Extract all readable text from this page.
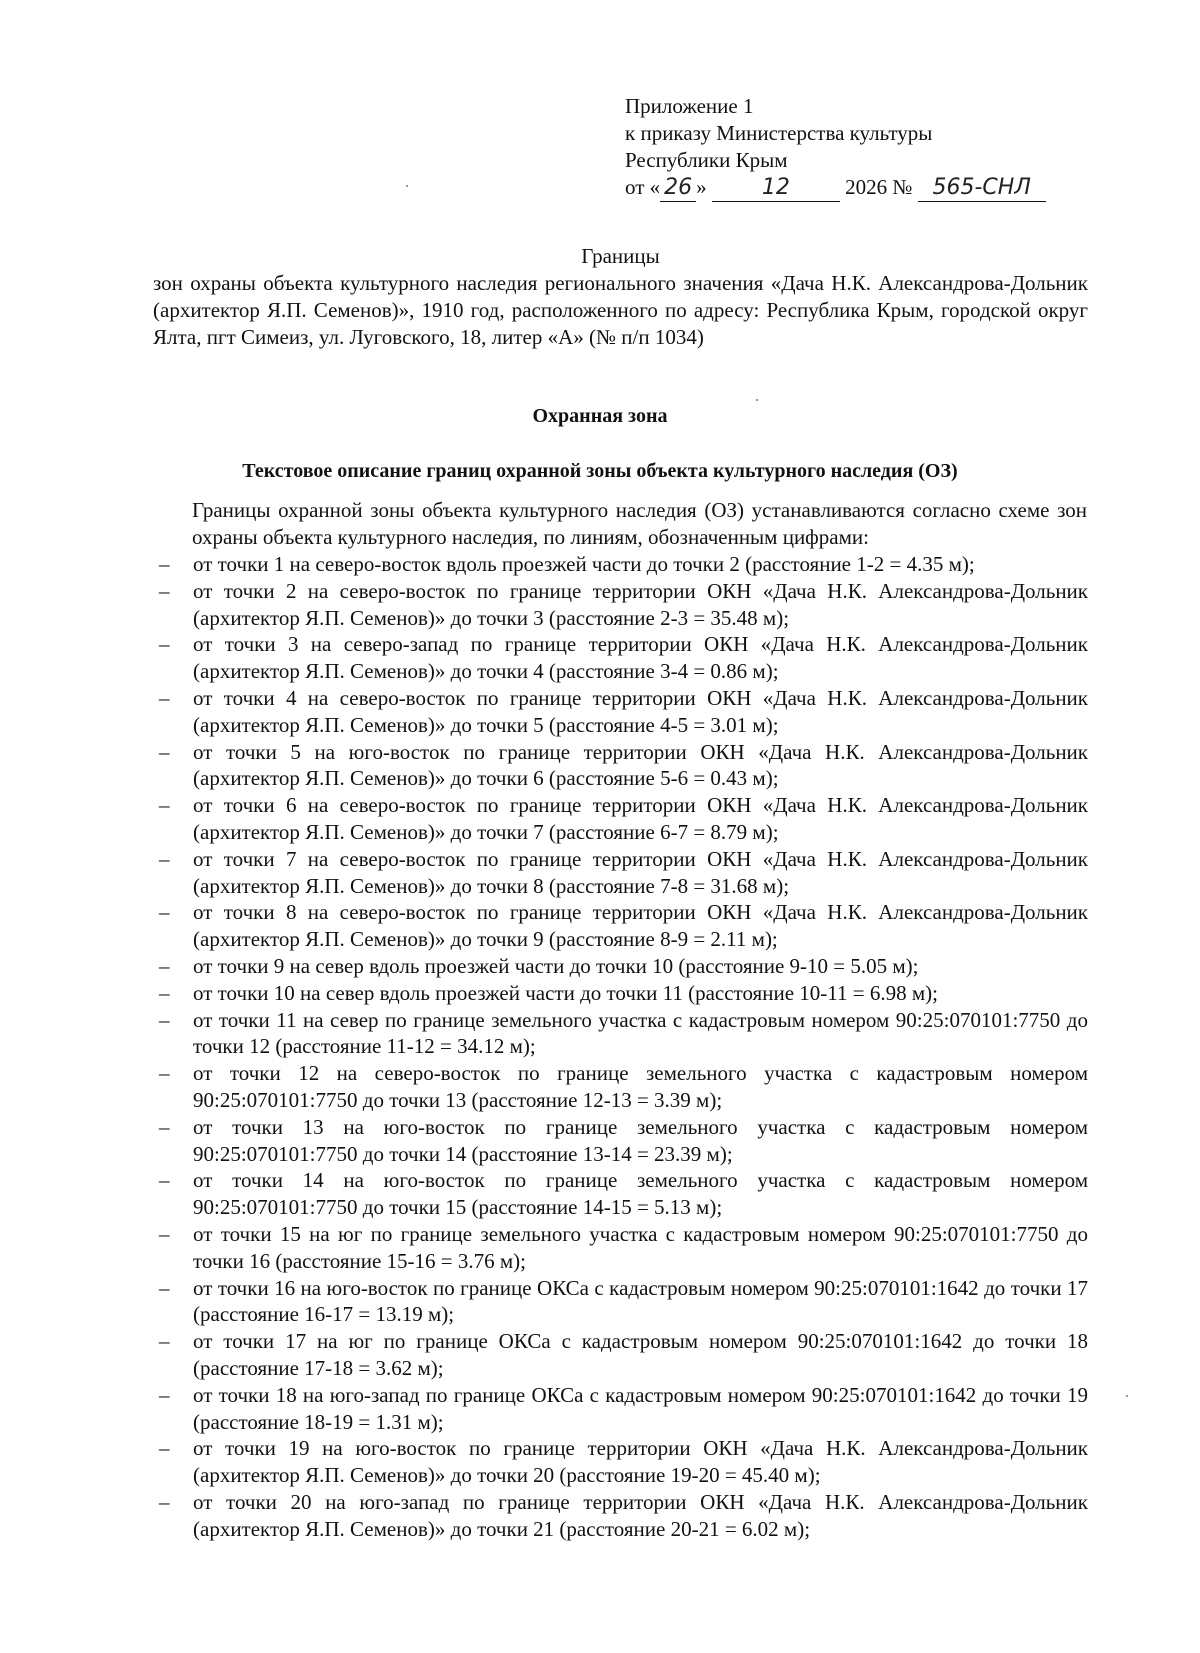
Приложение 1
к приказу Министерства культуры
Республики Крым
от « 26 »	12	2026 № 565-СНЛ
Границы
зон охраны объекта культурного наследия регионального значения «Дача Н.К. Александрова-Дольник (архитектор Я.П. Семенов)», 1910 год, расположенного по адресу: Республика Крым, городской округ Ялта, пгт Симеиз, ул. Луговского, 18, литер «А» (№ п/п 1034)
Охранная зона
Текстовое описание границ охранной зоны объекта культурного наследия (ОЗ)
Границы охранной зоны объекта культурного наследия (ОЗ) устанавливаются согласно схеме зон охраны объекта культурного наследия, по линиям, обозначенным цифрами:
– от точки 1 на северо-восток вдоль проезжей части до точки 2 (расстояние 1-2 = 4.35 м);
– от точки 2 на северо-восток по границе территории ОКН «Дача Н.К. Александрова-Дольник (архитектор Я.П. Семенов)» до точки 3 (расстояние 2-3 = 35.48 м);
– от точки 3 на северо-запад по границе территории ОКН «Дача Н.К. Александрова-Дольник (архитектор Я.П. Семенов)» до точки 4 (расстояние 3-4 = 0.86 м);
– от точки 4 на северо-восток по границе территории ОКН «Дача Н.К. Александрова-Дольник (архитектор Я.П. Семенов)» до точки 5 (расстояние 4-5 = 3.01 м);
– от точки 5 на юго-восток по границе территории ОКН «Дача Н.К. Александрова-Дольник (архитектор Я.П. Семенов)» до точки 6 (расстояние 5-6 = 0.43 м);
– от точки 6 на северо-восток по границе территории ОКН «Дача Н.К. Александрова-Дольник (архитектор Я.П. Семенов)» до точки 7 (расстояние 6-7 = 8.79 м);
– от точки 7 на северо-восток по границе территории ОКН «Дача Н.К. Александрова-Дольник (архитектор Я.П. Семенов)» до точки 8 (расстояние 7-8 = 31.68 м);
– от точки 8 на северо-восток по границе территории ОКН «Дача Н.К. Александрова-Дольник (архитектор Я.П. Семенов)» до точки 9 (расстояние 8-9 = 2.11 м);
– от точки 9 на север вдоль проезжей части до точки 10 (расстояние 9-10 = 5.05 м);
– от точки 10 на север вдоль проезжей части до точки 11 (расстояние 10-11 = 6.98 м);
– от точки 11 на север по границе земельного участка с кадастровым номером 90:25:070101:7750 до точки 12 (расстояние 11-12 = 34.12 м);
– от точки 12 на северо-восток по границе земельного участка с кадастровым номером 90:25:070101:7750 до точки 13 (расстояние 12-13 = 3.39 м);
– от точки 13 на юго-восток по границе земельного участка с кадастровым номером 90:25:070101:7750 до точки 14 (расстояние 13-14 = 23.39 м);
– от точки 14 на юго-восток по границе земельного участка с кадастровым номером 90:25:070101:7750 до точки 15 (расстояние 14-15 = 5.13 м);
– от точки 15 на юг по границе земельного участка с кадастровым номером 90:25:070101:7750 до точки 16 (расстояние 15-16 = 3.76 м);
– от точки 16 на юго-восток по границе ОКСа с кадастровым номером 90:25:070101:1642 до точки 17 (расстояние 16-17 = 13.19 м);
– от точки 17 на юг по границе ОКСа с кадастровым номером 90:25:070101:1642 до точки 18 (расстояние 17-18 = 3.62 м);
– от точки 18 на юго-запад по границе ОКСа с кадастровым номером 90:25:070101:1642 до точки 19 (расстояние 18-19 = 1.31 м);
– от точки 19 на юго-восток по границе территории ОКН «Дача Н.К. Александрова-Дольник (архитектор Я.П. Семенов)» до точки 20 (расстояние 19-20 = 45.40 м);
– от точки 20 на юго-запад по границе территории ОКН «Дача Н.К. Александрова-Дольник (архитектор Я.П. Семенов)» до точки 21 (расстояние 20-21 = 6.02 м);
